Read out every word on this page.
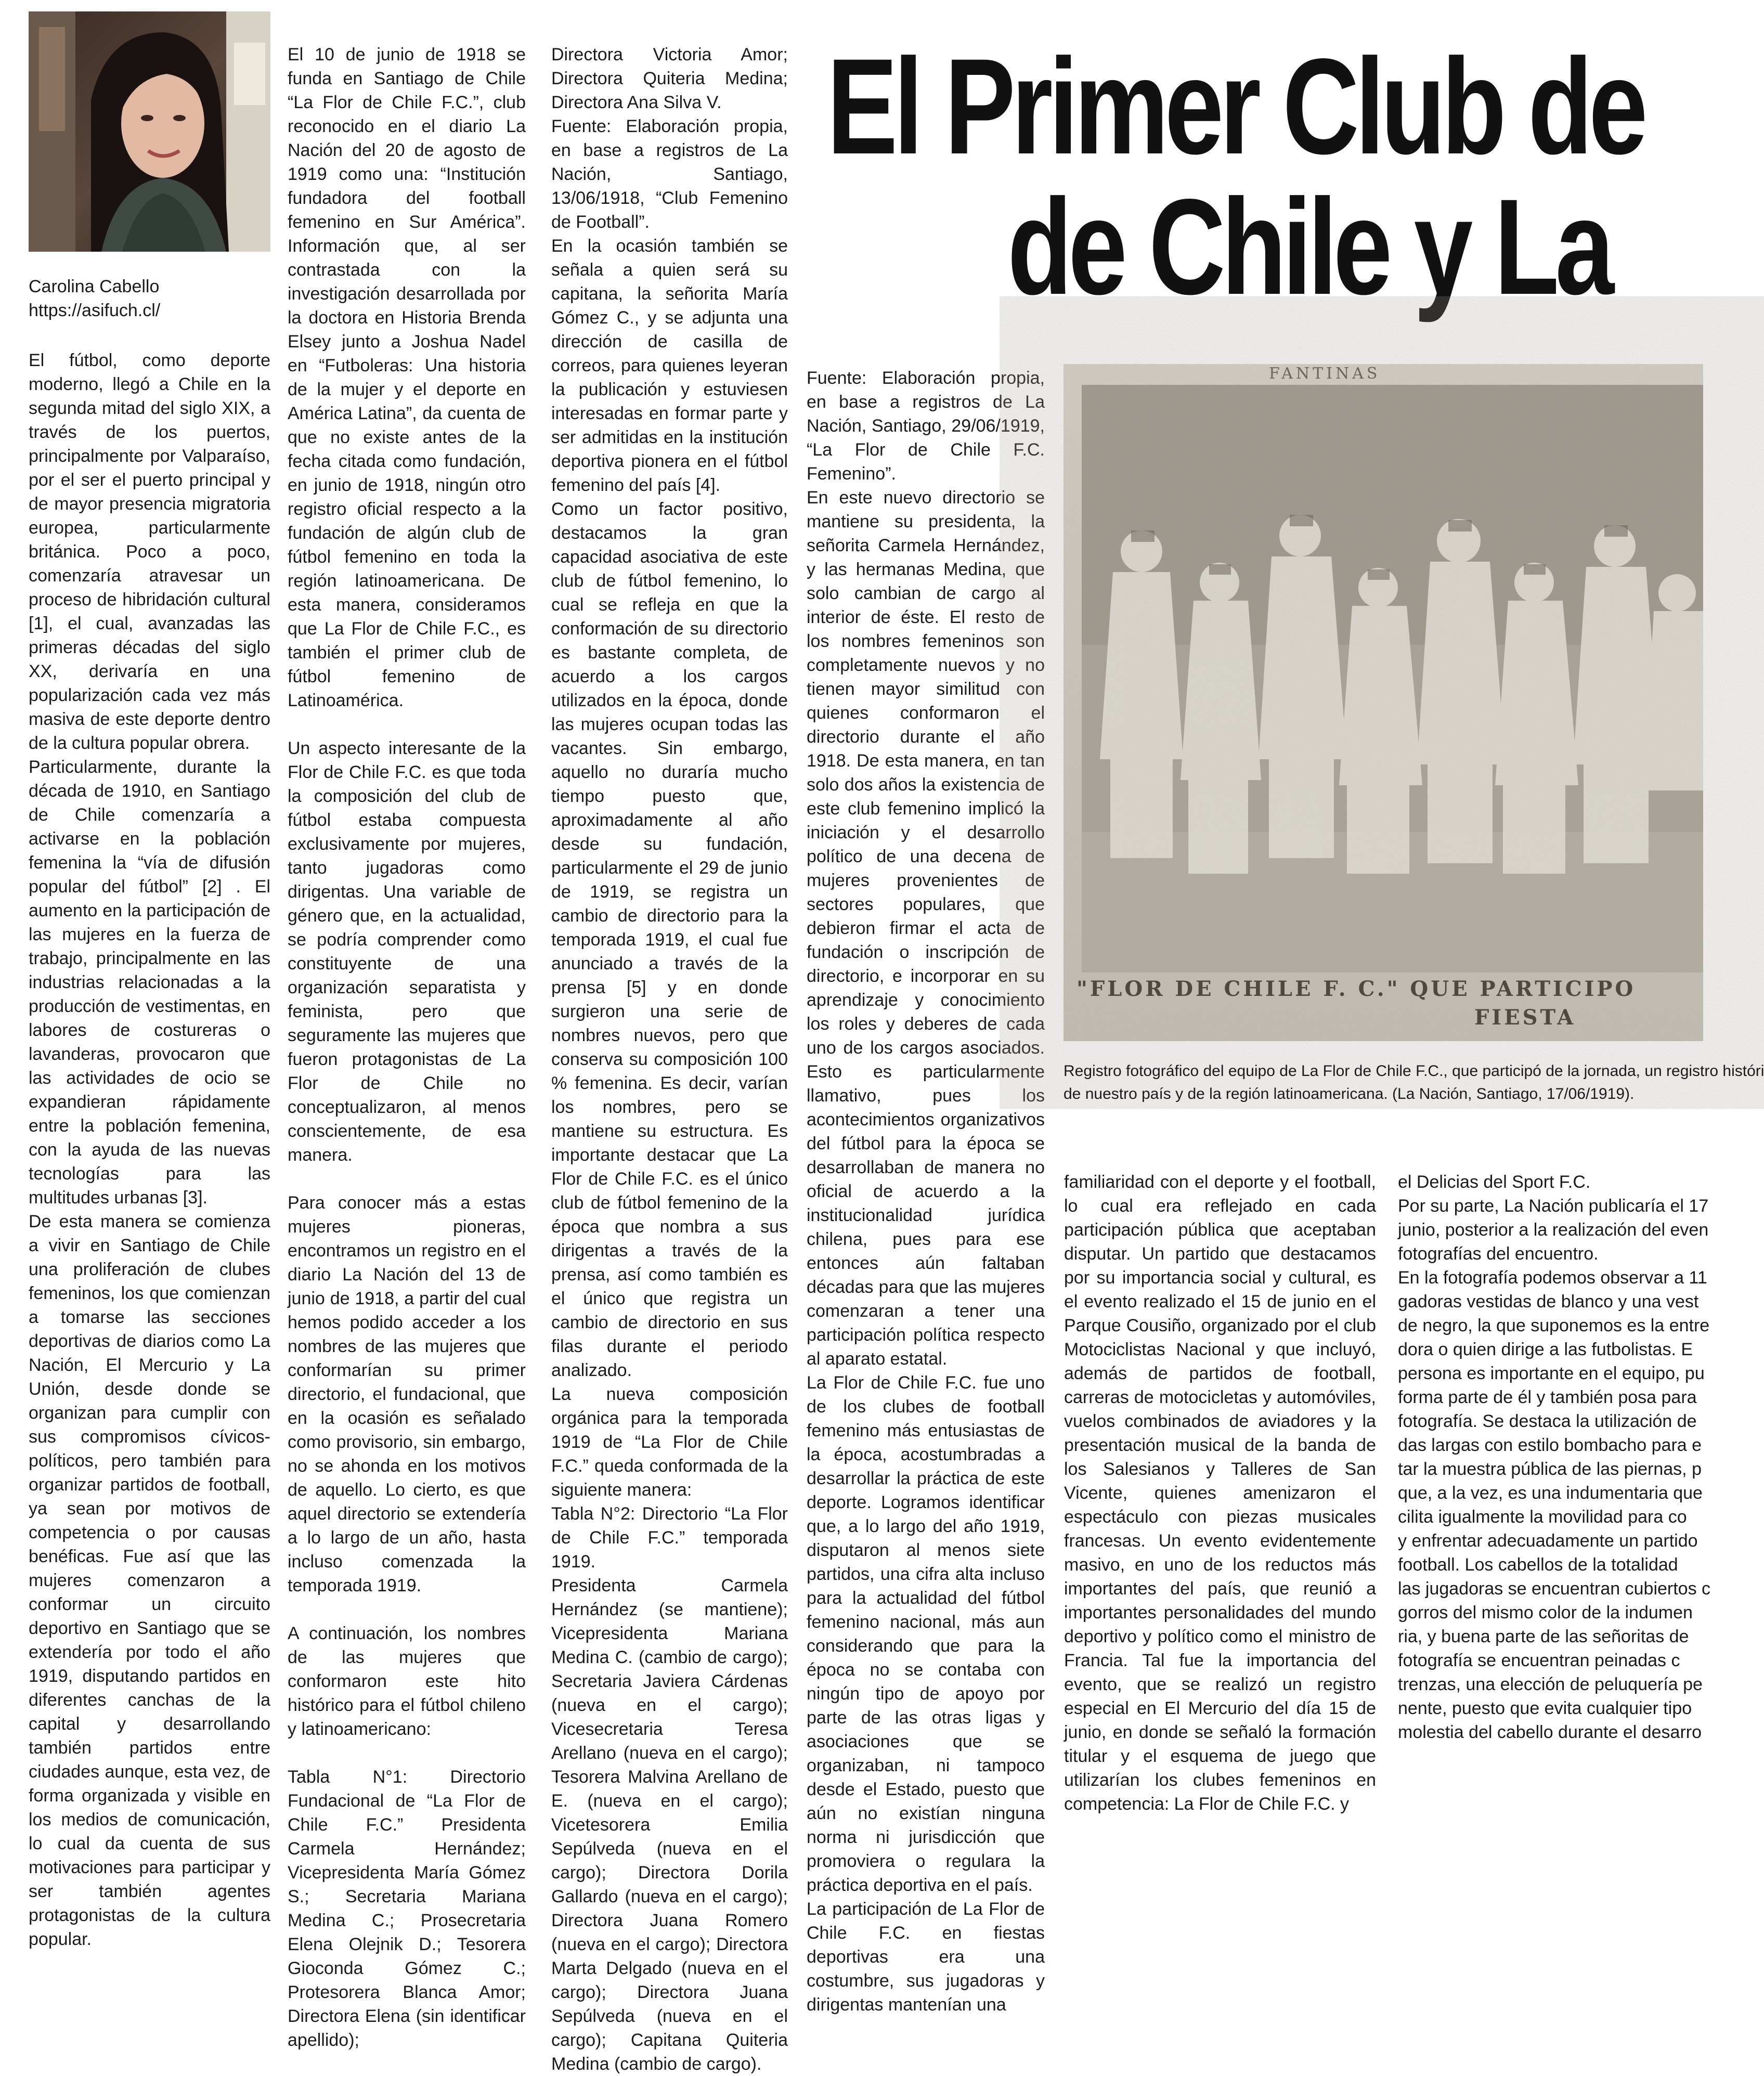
Carolina Cabello
https://asifuch.cl/

El fútbol, como deporte moderno, llegó a Chile en la segunda mitad del siglo XIX, a través de los puertos, principalmente por Valparaíso, por el ser el puerto principal y de mayor presencia migratoria europea, particularmente británica. Poco a poco, comenzaría atravesar un proceso de hibridación cultural [1], el cual, avanzadas las primeras décadas del siglo XX, derivaría en una popularización cada vez más masiva de este deporte dentro de la cultura popular obrera.

Particularmente, durante la década de 1910, en Santiago de Chile comenzaría a activarse en la población femenina la “vía de difusión popular del fútbol” [2] . El aumento en la participación de las mujeres en la fuerza de trabajo, principalmente en las industrias relacionadas a la producción de vestimentas, en labores de costureras o lavanderas, provocaron que las actividades de ocio se expandieran rápidamente entre la población femenina, con la ayuda de las nuevas tecnologías para las multitudes urbanas [3].

De esta manera se comienza a vivir en Santiago de Chile una proliferación de clubes femeninos, los que comienzan a tomarse las secciones deportivas de diarios como La Nación, El Mercurio y La Unión, desde donde se organizan para cumplir con sus compromisos cívicos-políticos, pero también para organizar partidos de football, ya sean por motivos de competencia o por causas benéficas. Fue así que las mujeres comenzaron a conformar un circuito deportivo en Santiago que se extendería por todo el año 1919, disputando partidos en diferentes canchas de la capital y desarrollando también partidos entre ciudades aunque, esta vez, de forma organizada y visible en los medios de comunicación, lo cual da cuenta de sus motivaciones para participar y ser también agentes protagonistas de la cultura popular.

El 10 de junio de 1918 se funda en Santiago de Chile “La Flor de Chile F.C.”, club reconocido en el diario La Nación del 20 de agosto de 1919 como una: “Institución fundadora del football femenino en Sur América”. Información que, al ser contrastada con la investigación desarrollada por la doctora en Historia Brenda Elsey junto a Joshua Nadel en “Futboleras: Una historia de la mujer y el deporte en América Latina”, da cuenta de que no existe antes de la fecha citada como fundación, en junio de 1918, ningún otro registro oficial respecto a la fundación de algún club de fútbol femenino en toda la región latinoamericana. De esta manera, consideramos que La Flor de Chile F.C., es también el primer club de fútbol femenino de Latinoamérica.

Un aspecto interesante de la Flor de Chile F.C. es que toda la composición del club de fútbol estaba compuesta exclusivamente por mujeres, tanto jugadoras como dirigentas. Una variable de género que, en la actualidad, se podría comprender como constituyente de una organización separatista y feminista, pero que seguramente las mujeres que fueron protagonistas de La Flor de Chile no conceptualizaron, al menos conscientemente, de esa manera.

Para conocer más a estas mujeres pioneras, encontramos un registro en el diario La Nación del 13 de junio de 1918, a partir del cual hemos podido acceder a los nombres de las mujeres que conformarían su primer directorio, el fundacional, que en la ocasión es señalado como provisorio, sin embargo, no se ahonda en los motivos de aquello. Lo cierto, es que aquel directorio se extendería a lo largo de un año, hasta incluso comenzada la temporada 1919.

A continuación, los nombres de las mujeres que conformaron este hito histórico para el fútbol chileno y latinoamericano:

Tabla N°1: Directorio Fundacional de “La Flor de Chile F.C.” Presidenta Carmela Hernández; Vicepresidenta María Gómez S.; Secretaria Mariana Medina C.; Prosecretaria Elena Olejnik D.; Tesorera Gioconda Gómez C.; Protesorera Blanca Amor; Directora Elena (sin identificar apellido);

Directora Victoria Amor; Directora Quiteria Medina; Directora Ana Silva V.

Fuente: Elaboración propia, en base a registros de La Nación, Santiago, 13/06/1918, “Club Femenino de Football”.

En la ocasión también se señala a quien será su capitana, la señorita María Gómez C., y se adjunta una dirección de casilla de correos, para quienes leyeran la publicación y estuviesen interesadas en formar parte y ser admitidas en la institución deportiva pionera en el fútbol femenino del país [4].

Como un factor positivo, destacamos la gran capacidad asociativa de este club de fútbol femenino, lo cual se refleja en que la conformación de su directorio es bastante completa, de acuerdo a los cargos utilizados en la época, donde las mujeres ocupan todas las vacantes. Sin embargo, aquello no duraría mucho tiempo puesto que, aproximadamente al año desde su fundación, particularmente el 29 de junio de 1919, se registra un cambio de directorio para la temporada 1919, el cual fue anunciado a través de la prensa [5] y en donde surgieron una serie de nombres nuevos, pero que conserva su composición 100 % femenina. Es decir, varían los nombres, pero se mantiene su estructura. Es importante destacar que La Flor de Chile F.C. es el único club de fútbol femenino de la época que nombra a sus dirigentas a través de la prensa, así como también es el único que registra un cambio de directorio en sus filas durante el periodo analizado.

La nueva composición orgánica para la temporada 1919 de “La Flor de Chile F.C.” queda conformada de la siguiente manera:

Tabla N°2: Directorio “La Flor de Chile F.C.” temporada 1919.

Presidenta Carmela Hernández (se mantiene); Vicepresidenta Mariana Medina C. (cambio de cargo); Secretaria Javiera Cárdenas (nueva en el cargo); Vicesecretaria Teresa Arellano (nueva en el cargo); Tesorera Malvina Arellano de E. (nueva en el cargo); Vicetesorera Emilia Sepúlveda (nueva en el cargo); Directora Dorila Gallardo (nueva en el cargo); Directora Juana Romero (nueva en el cargo); Directora Marta Delgado (nueva en el cargo); Directora Juana Sepúlveda (nueva en el cargo); Capitana Quiteria Medina (cambio de cargo).

El Primer Club de
de Chile y La

Fuente: Elaboración propia, en base a registros de La Nación, Santiago, 29/06/1919, “La Flor de Chile F.C. Femenino”.

En este nuevo directorio se mantiene su presidenta, la señorita Carmela Hernández, y las hermanas Medina, que solo cambian de cargo al interior de éste. El resto de los nombres femeninos son completamente nuevos y no tienen mayor similitud con quienes conformaron el directorio durante el año 1918. De esta manera, en tan solo dos años la existencia de este club femenino implicó la iniciación y el desarrollo político de una decena de mujeres provenientes de sectores populares, que debieron firmar el acta de fundación o inscripción de directorio, e incorporar en su aprendizaje y conocimiento los roles y deberes de cada uno de los cargos asociados. Esto es particularmente llamativo, pues los acontecimientos organizativos del fútbol para la época se desarrollaban de manera no oficial de acuerdo a la institucionalidad jurídica chilena, pues para ese entonces aún faltaban décadas para que las mujeres comenzaran a tener una participación política respecto al aparato estatal.

La Flor de Chile F.C. fue uno de los clubes de football femenino más entusiastas de la época, acostumbradas a desarrollar la práctica de este deporte. Logramos identificar que, a lo largo del año 1919, disputaron al menos siete partidos, una cifra alta incluso para la actualidad del fútbol femenino nacional, más aun considerando que para la época no se contaba con ningún tipo de apoyo por parte de las otras ligas y asociaciones que se organizaban, ni tampoco desde el Estado, puesto que aún no existían ninguna norma ni jurisdicción que promoviera o regulara la práctica deportiva en el país.

La participación de La Flor de Chile F.C. en fiestas deportivas era una costumbre, sus jugadoras y dirigentas mantenían una

FANTINAS
"FLOR DE CHILE F. C." QUE PARTICIPO
FIESTA
Registro fotográfico del equipo de La Flor de Chile F.C., que participó de la jornada, un registro históri
de nuestro país y de la región latinoamericana. (La Nación, Santiago, 17/06/1919).

familiaridad con el deporte y el football, lo cual era reflejado en cada participación pública que aceptaban disputar. Un partido que destacamos por su importancia social y cultural, es el evento realizado el 15 de junio en el Parque Cousiño, organizado por el club Motociclistas Nacional y que incluyó, además de partidos de football, carreras de motocicletas y automóviles, vuelos combinados de aviadores y la presentación musical de la banda de los Salesianos y Talleres de San Vicente, quienes amenizaron el espectáculo con piezas musicales francesas. Un evento evidentemente masivo, en uno de los reductos más importantes del país, que reunió a importantes personalidades del mundo deportivo y político como el ministro de Francia. Tal fue la importancia del evento, que se realizó un registro especial en El Mercurio del día 15 de junio, en donde se señaló la formación titular y el esquema de juego que utilizarían los clubes femeninos en competencia: La Flor de Chile F.C. y

el Delicias del Sport F.C.
Por su parte, La Nación publicaría el 17
junio, posterior a la realización del even
fotografías del encuentro.
En la fotografía podemos observar a 11
gadoras vestidas de blanco y una vest
de negro, la que suponemos es la entre
dora o quien dirige a las futbolistas. E
persona es importante en el equipo, pu
forma parte de él y también posa para
fotografía. Se destaca la utilización de
das largas con estilo bombacho para e
tar la muestra pública de las piernas, p
que, a la vez, es una indumentaria que
cilita igualmente la movilidad para co
y enfrentar adecuadamente un partido
football. Los cabellos de la totalidad
las jugadoras se encuentran cubiertos c
gorros del mismo color de la indumen
ria, y buena parte de las señoritas de
fotografía se encuentran peinadas c
trenzas, una elección de peluquería pe
nente, puesto que evita cualquier tipo
molestia del cabello durante el desarro
